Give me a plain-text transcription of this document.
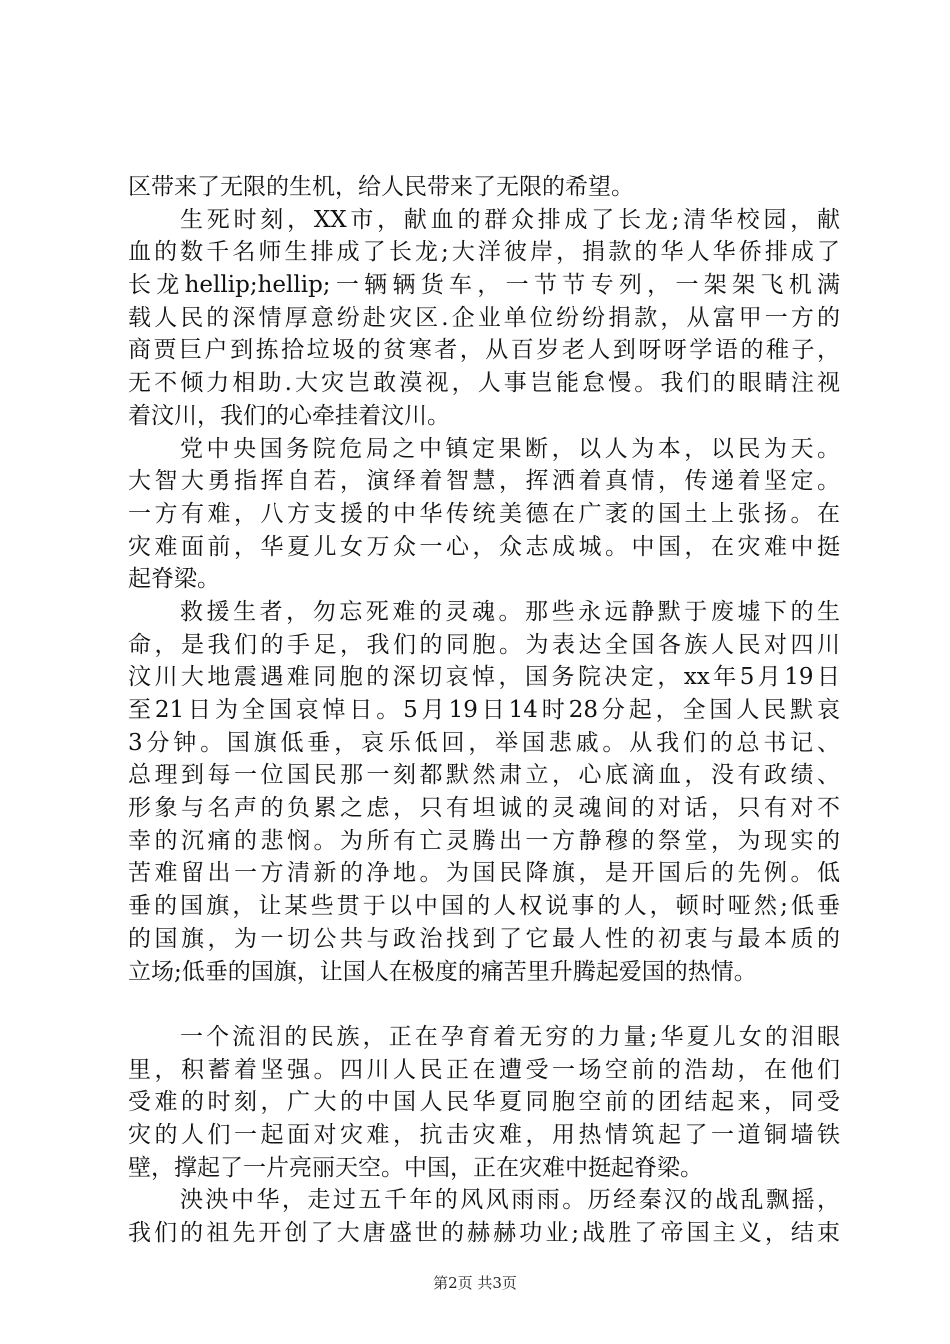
区带来了无限的生机，给人民带来了无限的希望。
生死时刻，XX市，献血的群众排成了长龙;清华校园，献
血的数千名师生排成了长龙;大洋彼岸，捐款的华人华侨排成了
长龙hellip;hellip;一辆辆货车，一节节专列，一架架飞机满
载人民的深情厚意纷赴灾区.企业单位纷纷捐款，从富甲一方的
商贾巨户到拣拾垃圾的贫寒者，从百岁老人到呀呀学语的稚子，
无不倾力相助.大灾岂敢漠视，人事岂能怠慢。我们的眼睛注视
着汶川，我们的心牵挂着汶川。
党中央国务院危局之中镇定果断，以人为本，以民为天。
大智大勇指挥自若，演绎着智慧，挥洒着真情，传递着坚定。
一方有难，八方支援的中华传统美德在广袤的国土上张扬。在
灾难面前，华夏儿女万众一心，众志成城。中国，在灾难中挺
起脊梁。
救援生者，勿忘死难的灵魂。那些永远静默于废墟下的生
命，是我们的手足，我们的同胞。为表达全国各族人民对四川
汶川大地震遇难同胞的深切哀悼，国务院决定，xx年5月19日
至21日为全国哀悼日。5月19日14时28分起，全国人民默哀
3分钟。国旗低垂，哀乐低回，举国悲戚。从我们的总书记、
总理到每一位国民那一刻都默然肃立，心底滴血，没有政绩、
形象与名声的负累之虑，只有坦诚的灵魂间的对话，只有对不
幸的沉痛的悲悯。为所有亡灵腾出一方静穆的祭堂，为现实的
苦难留出一方清新的净地。为国民降旗，是开国后的先例。低
垂的国旗，让某些贯于以中国的人权说事的人，顿时哑然;低垂
的国旗，为一切公共与政治找到了它最人性的初衷与最本质的
立场;低垂的国旗，让国人在极度的痛苦里升腾起爱国的热情。
一个流泪的民族，正在孕育着无穷的力量;华夏儿女的泪眼
里，积蓄着坚强。四川人民正在遭受一场空前的浩劫，在他们
受难的时刻，广大的中国人民华夏同胞空前的团结起来，同受
灾的人们一起面对灾难，抗击灾难，用热情筑起了一道铜墙铁
壁，撑起了一片亮丽天空。中国，正在灾难中挺起脊梁。
泱泱中华，走过五千年的风风雨雨。历经秦汉的战乱飘摇，
我们的祖先开创了大唐盛世的赫赫功业;战胜了帝国主义，结束
第2页 共3页
